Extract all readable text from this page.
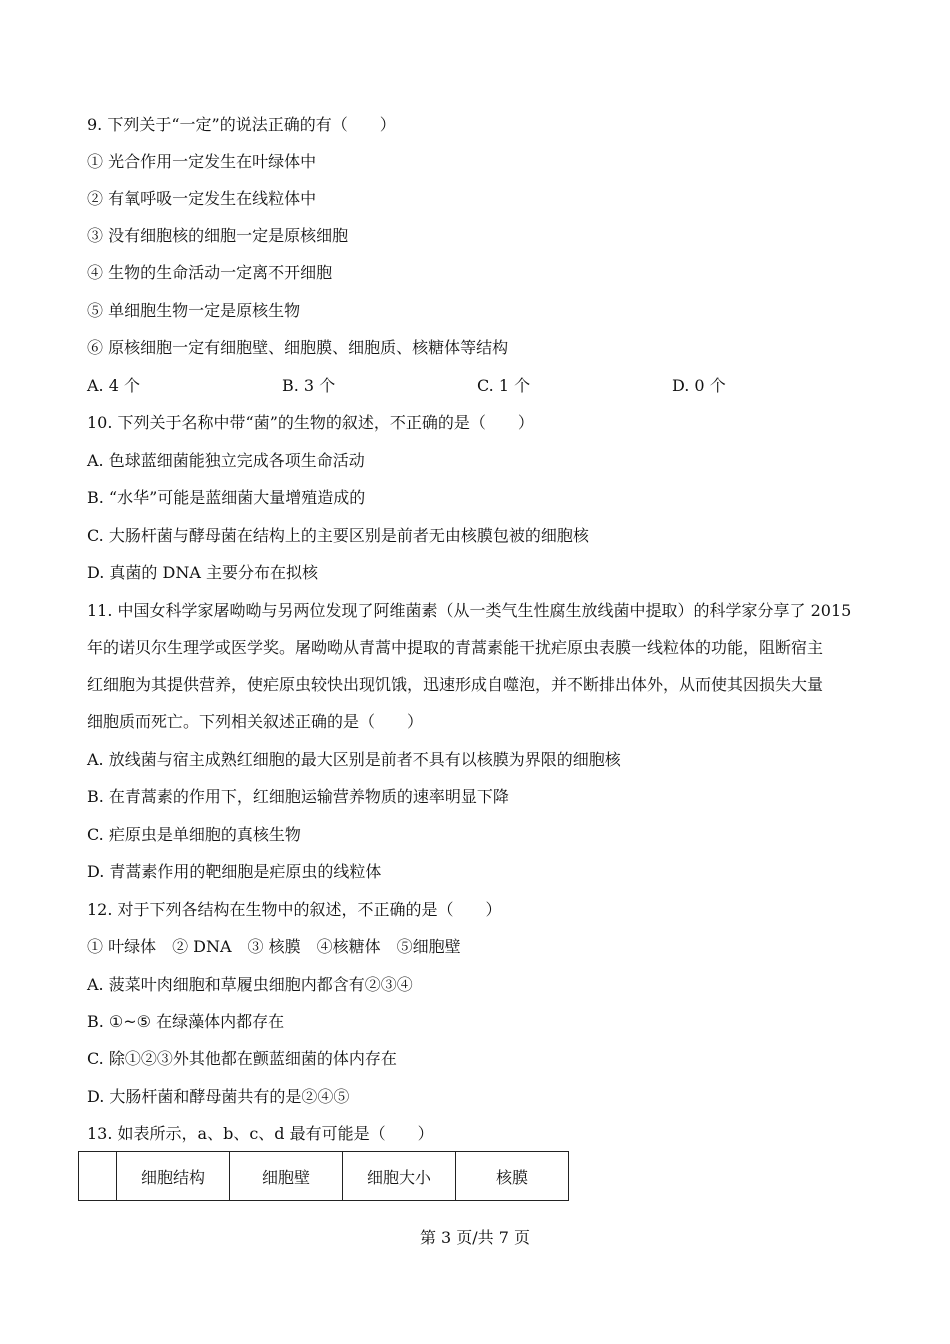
9. 下列关于“一定”的说法正确的有（　　）
① 光合作用一定发生在叶绿体中
② 有氧呼吸一定发生在线粒体中
③ 没有细胞核的细胞一定是原核细胞
④ 生物的生命活动一定离不开细胞
⑤ 单细胞生物一定是原核生物
⑥ 原核细胞一定有细胞壁、细胞膜、细胞质、核糖体等结构
A. 4 个	B. 3 个	C. 1 个	D. 0 个
10. 下列关于名称中带“菌”的生物的叙述，不正确的是（　　）
A. 色球蓝细菌能独立完成各项生命活动
B. “水华”可能是蓝细菌大量增殖造成的
C. 大肠杆菌与酵母菌在结构上的主要区别是前者无由核膜包被的细胞核
D. 真菌的 DNA 主要分布在拟核
11. 中国女科学家屠呦呦与另两位发现了阿维菌素（从一类气生性腐生放线菌中提取）的科学家分享了 2015
年的诺贝尔生理学或医学奖。屠呦呦从青蒿中提取的青蒿素能干扰疟原虫表膜一线粒体的功能，阻断宿主
红细胞为其提供营养，使疟原虫较快出现饥饿，迅速形成自噬泡，并不断排出体外，从而使其因损失大量
细胞质而死亡。下列相关叙述正确的是（　　）
A. 放线菌与宿主成熟红细胞的最大区别是前者不具有以核膜为界限的细胞核
B. 在青蒿素的作用下，红细胞运输营养物质的速率明显下降
C. 疟原虫是单细胞的真核生物
D. 青蒿素作用的靶细胞是疟原虫的线粒体
12. 对于下列各结构在生物中的叙述，不正确的是（　　）
① 叶绿体　② DNA　③ 核膜　④核糖体　⑤细胞壁
A. 菠菜叶肉细胞和草履虫细胞内都含有②③④
B. ①~⑤ 在绿藻体内都存在
C. 除①②③外其他都在颤蓝细菌的体内存在
D. 大肠杆菌和酵母菌共有的是②④⑤
13. 如表所示，a、b、c、d 最有可能是（　　）
	细胞结构	细胞壁	细胞大小	核膜
第 3 页/共 7 页
